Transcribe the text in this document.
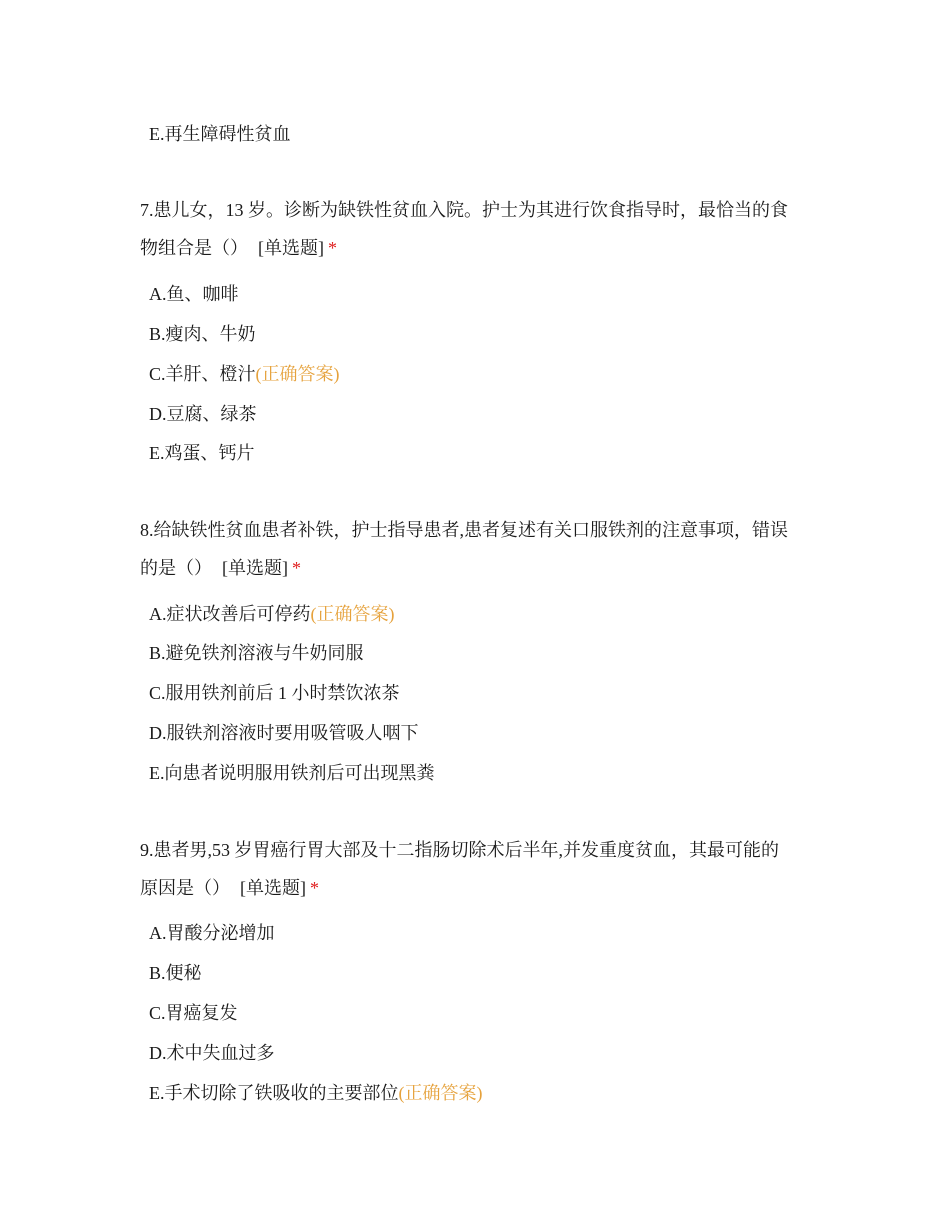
E.再生障碍性贫血
7.患儿女，13 岁。诊断为缺铁性贫血入院。护士为其进行饮食指导时，最恰当的食
物组合是（） [单选题] *
A.鱼、咖啡
B.瘦肉、牛奶
C.羊肝、橙汁(正确答案)
D.豆腐、绿茶
E.鸡蛋、钙片
8.给缺铁性贫血患者补铁，护士指导患者,患者复述有关口服铁剂的注意事项，错误
的是（） [单选题] *
A.症状改善后可停药(正确答案)
B.避免铁剂溶液与牛奶同服
C.服用铁剂前后 1 小时禁饮浓茶
D.服铁剂溶液时要用吸管吸人咽下
E.向患者说明服用铁剂后可出现黑粪
9.患者男,53 岁胃癌行胃大部及十二指肠切除术后半年,并发重度贫血，其最可能的
原因是（） [单选题] *
A.胃酸分泌增加
B.便秘
C.胃癌复发
D.术中失血过多
E.手术切除了铁吸收的主要部位(正确答案)
